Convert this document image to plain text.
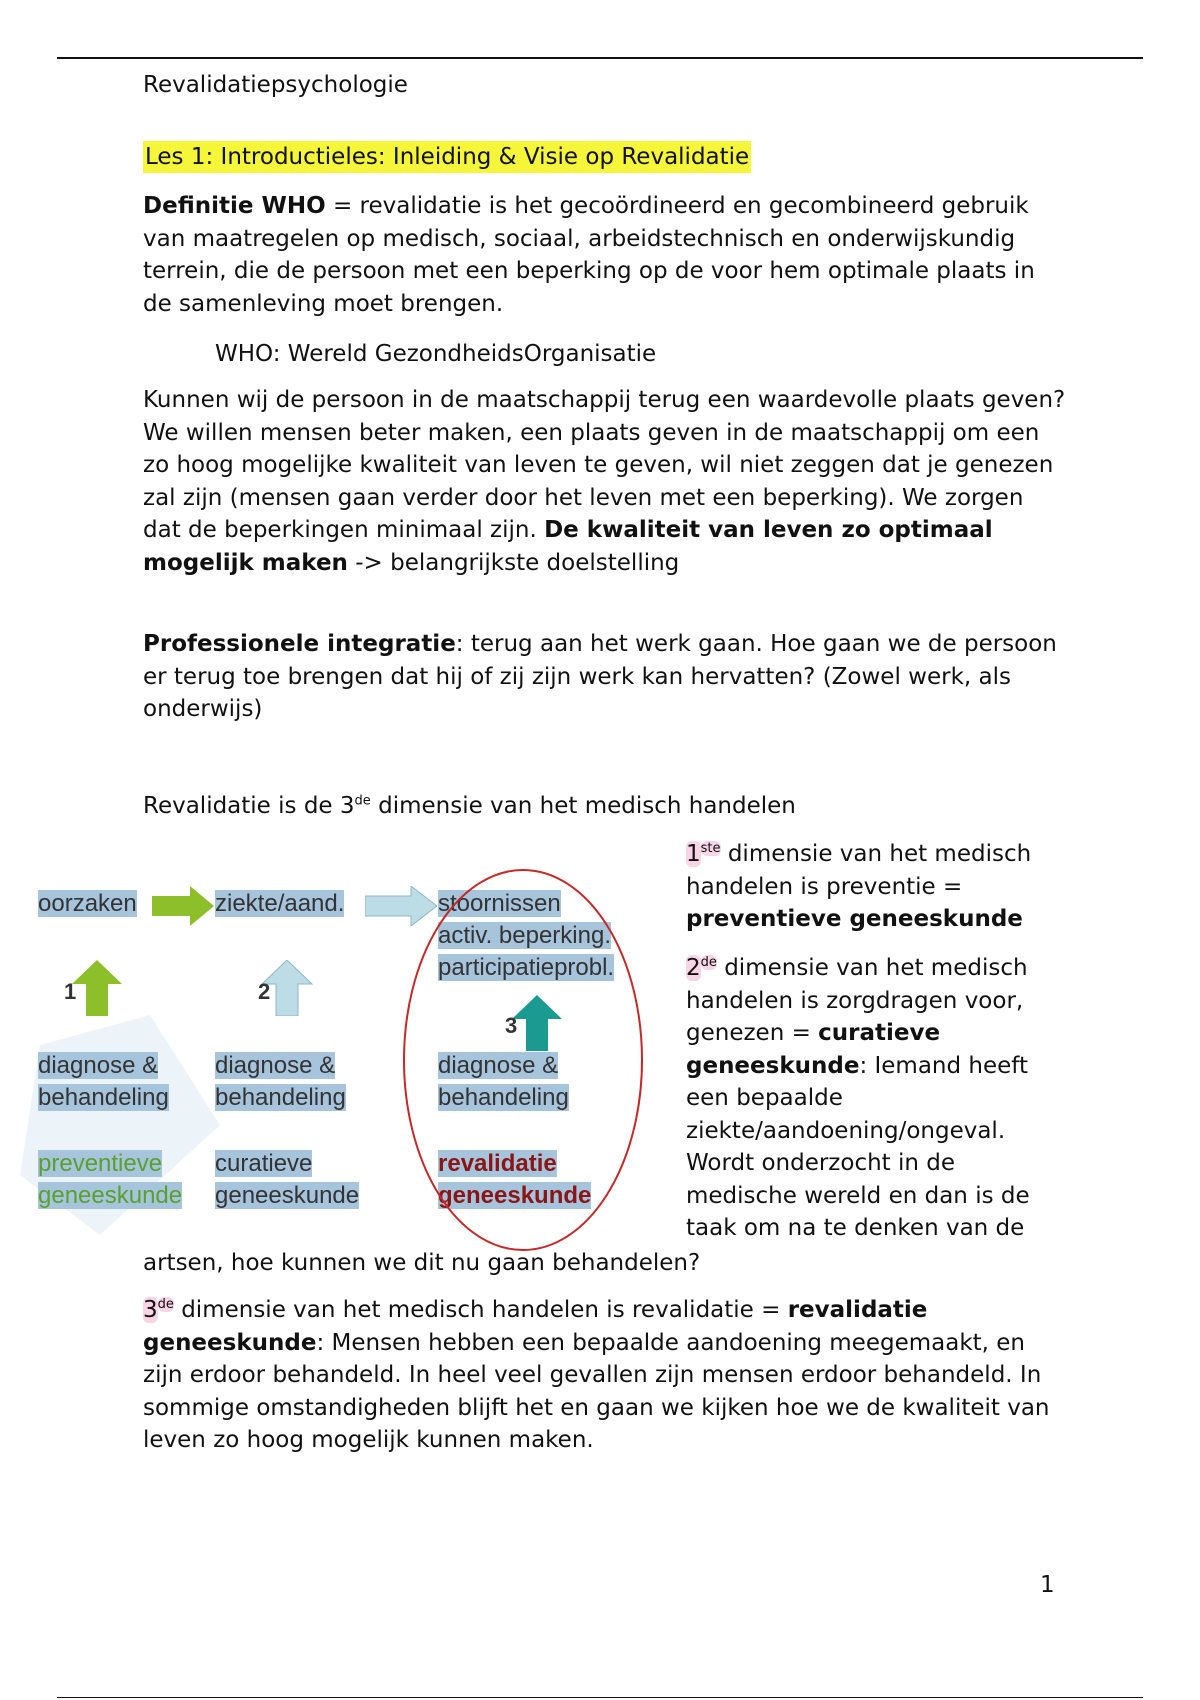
Revalidatiepsychologie
Les 1: Introductieles: Inleiding & Visie op Revalidatie
Definitie WHO = revalidatie is het gecoördineerd en gecombineerd gebruik van maatregelen op medisch, sociaal, arbeidstechnisch en onderwijskundig terrein, die de persoon met een beperking op de voor hem optimale plaats in de samenleving moet brengen.
WHO: Wereld GezondheidsOrganisatie
Kunnen wij de persoon in de maatschappij terug een waardevolle plaats geven? We willen mensen beter maken, een plaats geven in de maatschappij om een zo hoog mogelijke kwaliteit van leven te geven, wil niet zeggen dat je genezen zal zijn (mensen gaan verder door het leven met een beperking). We zorgen dat de beperkingen minimaal zijn. De kwaliteit van leven zo optimaal mogelijk maken -> belangrijkste doelstelling
Professionele integratie: terug aan het werk gaan. Hoe gaan we de persoon er terug toe brengen dat hij of zij zijn werk kan hervatten? (Zowel werk, als onderwijs)
Revalidatie is de 3de dimensie van het medisch handelen
oorzaken	ziekte/aand.	stoornissen
activ. beperking.
participatieprobl.
1	2
3
diagnose &
behandeling
diagnose &
behandeling
diagnose &
behandeling
preventieve
geneeskunde
curatieve
geneeskunde
revalidatie
geneeskunde
1ste dimensie van het medisch handelen is preventie = preventieve geneeskunde
2de dimensie van het medisch handelen is zorgdragen voor, genezen = curatieve geneeskunde: Iemand heeft een bepaalde ziekte/aandoening/ongeval. Wordt onderzocht in de medische wereld en dan is de taak om na te denken van de
artsen, hoe kunnen we dit nu gaan behandelen?
3de dimensie van het medisch handelen is revalidatie = revalidatie geneeskunde: Mensen hebben een bepaalde aandoening meegemaakt, en zijn erdoor behandeld. In heel veel gevallen zijn mensen erdoor behandeld. In sommige omstandigheden blijft het en gaan we kijken hoe we de kwaliteit van leven zo hoog mogelijk kunnen maken.
1
